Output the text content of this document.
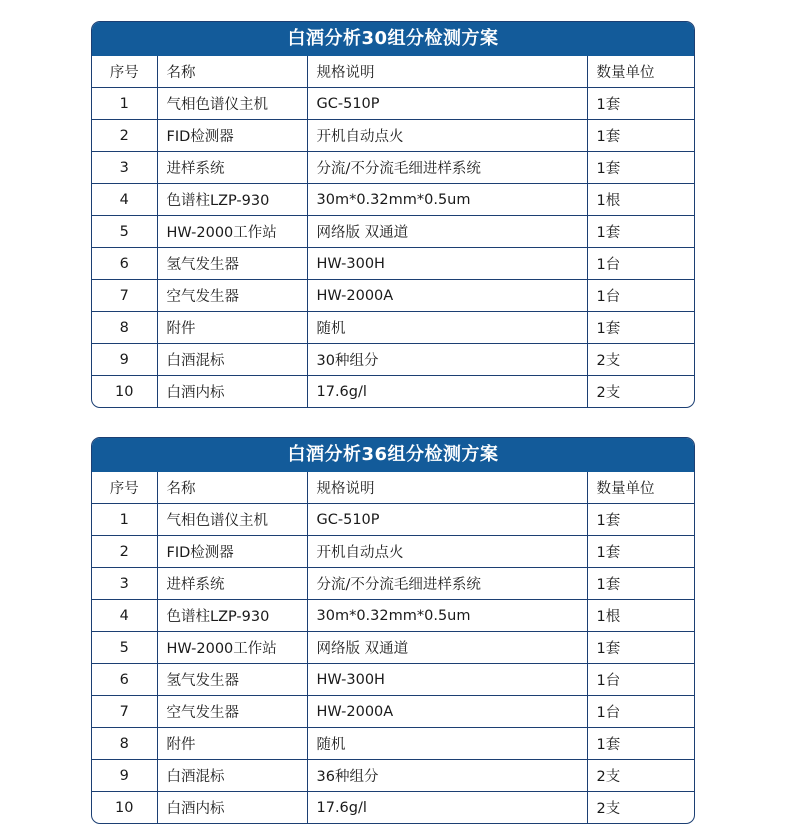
白酒分析30组分检测方案
序号	名称	规格说明	数量单位
1	气相色谱仪主机	GC-510P	1套
2	FID检测器	开机自动点火	1套
3	进样系统	分流/不分流毛细进样系统	1套
4	色谱柱LZP-930	30m*0.32mm*0.5um	1根
5	HW-2000工作站	网络版 双通道	1套
6	氢气发生器	HW-300H	1台
7	空气发生器	HW-2000A	1台
8	附件	随机	1套
9	白酒混标	30种组分	2支
10	白酒内标	17.6g/l	2支
白酒分析36组分检测方案
序号	名称	规格说明	数量单位
1	气相色谱仪主机	GC-510P	1套
2	FID检测器	开机自动点火	1套
3	进样系统	分流/不分流毛细进样系统	1套
4	色谱柱LZP-930	30m*0.32mm*0.5um	1根
5	HW-2000工作站	网络版 双通道	1套
6	氢气发生器	HW-300H	1台
7	空气发生器	HW-2000A	1台
8	附件	随机	1套
9	白酒混标	36种组分	2支
10	白酒内标	17.6g/l	2支
